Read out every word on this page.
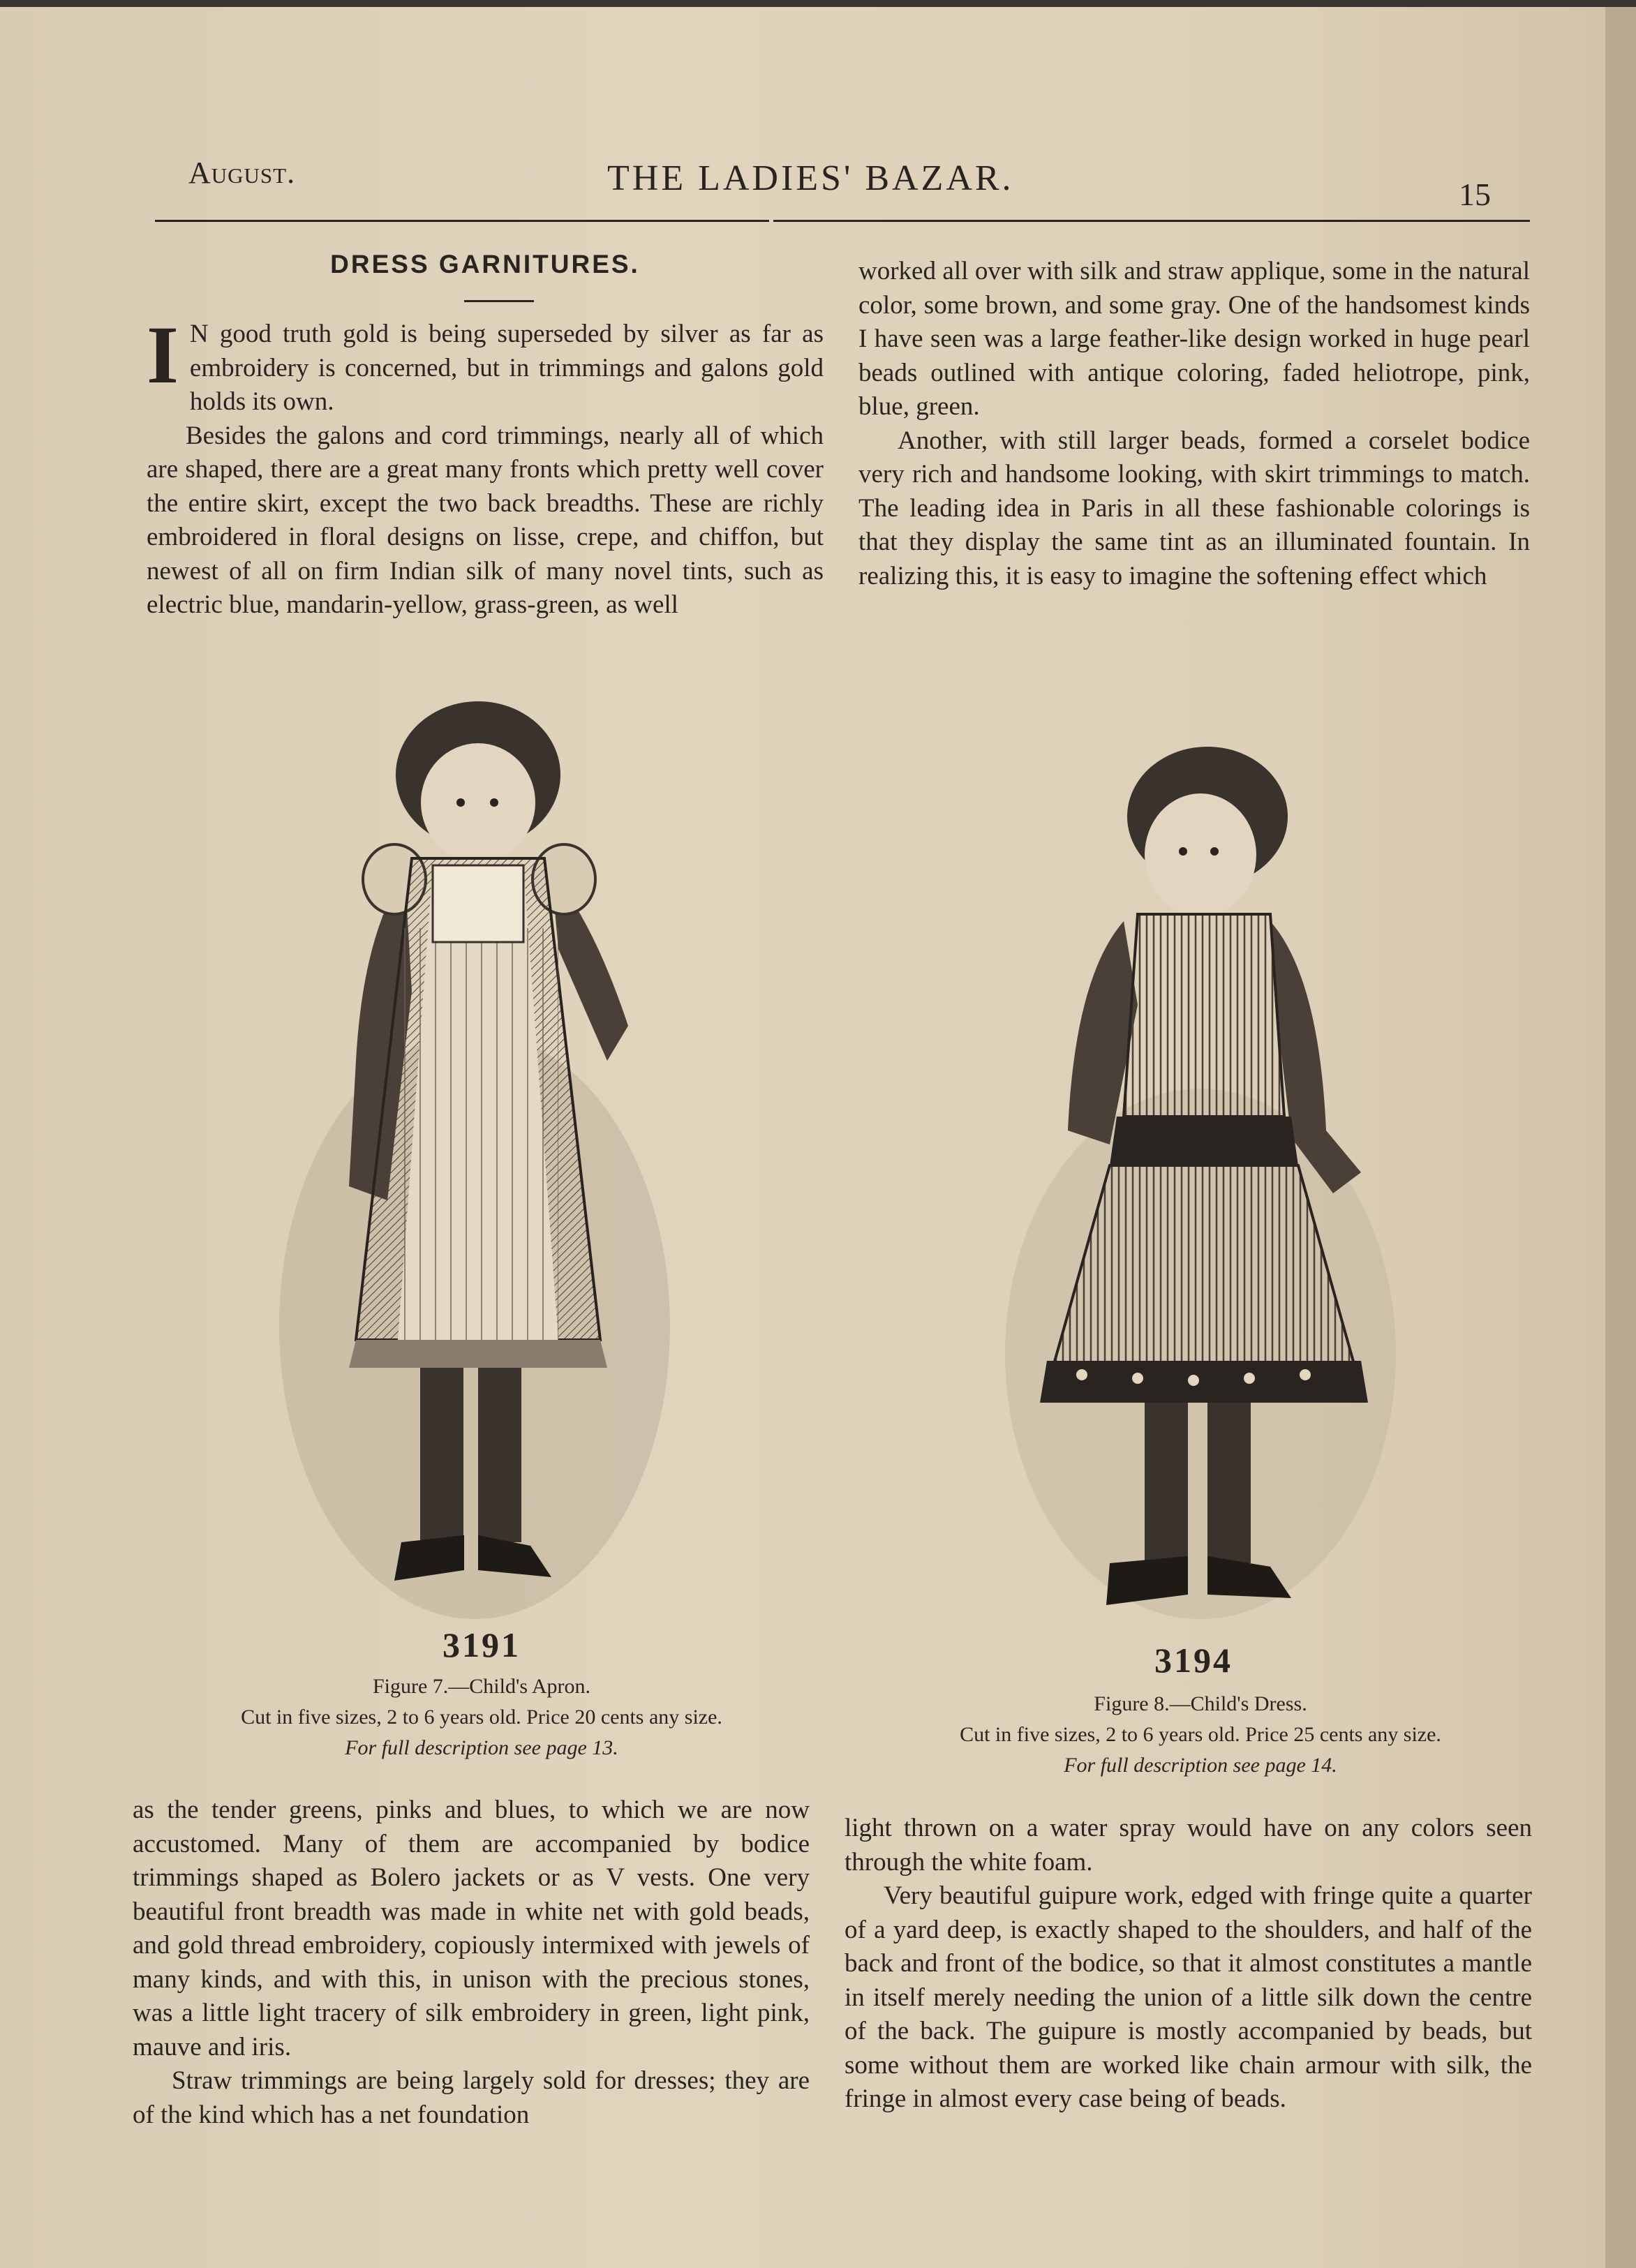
August.	THE LADIES' BAZAR.	15
DRESS GARNITURES.

I N good truth gold is being superseded by silver as far as embroidery is concerned, but in trimmings and galons gold holds its own.

Besides the galons and cord trimmings, nearly all of which are shaped, there are a great many fronts which pretty well cover the entire skirt, except the two back breadths. These are richly embroidered in floral designs on lisse, crepe, and chiffon, but newest of all on firm Indian silk of many novel tints, such as electric blue, mandarin-yellow, grass-green, as well

worked all over with silk and straw applique, some in the natural color, some brown, and some gray. One of the handsomest kinds I have seen was a large feather-like design worked in huge pearl beads outlined with antique coloring, faded heliotrope, pink, blue, green.

Another, with still larger beads, formed a corselet bodice very rich and handsome looking, with skirt trimmings to match. The leading idea in Paris in all these fashionable colorings is that they display the same tint as an illuminated fountain. In realizing this, it is easy to imagine the softening effect which

3191
Figure 7.—Child's Apron.
Cut in five sizes, 2 to 6 years old. Price 20 cents any size.
For full description see page 13.
3194
Figure 8.—Child's Dress.
Cut in five sizes, 2 to 6 years old. Price 25 cents any size.
For full description see page 14.

as the tender greens, pinks and blues, to which we are now accustomed. Many of them are accompanied by bodice trimmings shaped as Bolero jackets or as V vests. One very beautiful front breadth was made in white net with gold beads, and gold thread embroidery, copiously intermixed with jewels of many kinds, and with this, in unison with the precious stones, was a little light tracery of silk embroidery in green, light pink, mauve and iris.

Straw trimmings are being largely sold for dresses; they are of the kind which has a net foundation

light thrown on a water spray would have on any colors seen through the white foam.

Very beautiful guipure work, edged with fringe quite a quarter of a yard deep, is exactly shaped to the shoulders, and half of the back and front of the bodice, so that it almost constitutes a mantle in itself merely needing the union of a little silk down the centre of the back. The guipure is mostly accompanied by beads, but some without them are worked like chain armour with silk, the fringe in almost every case being of beads.
